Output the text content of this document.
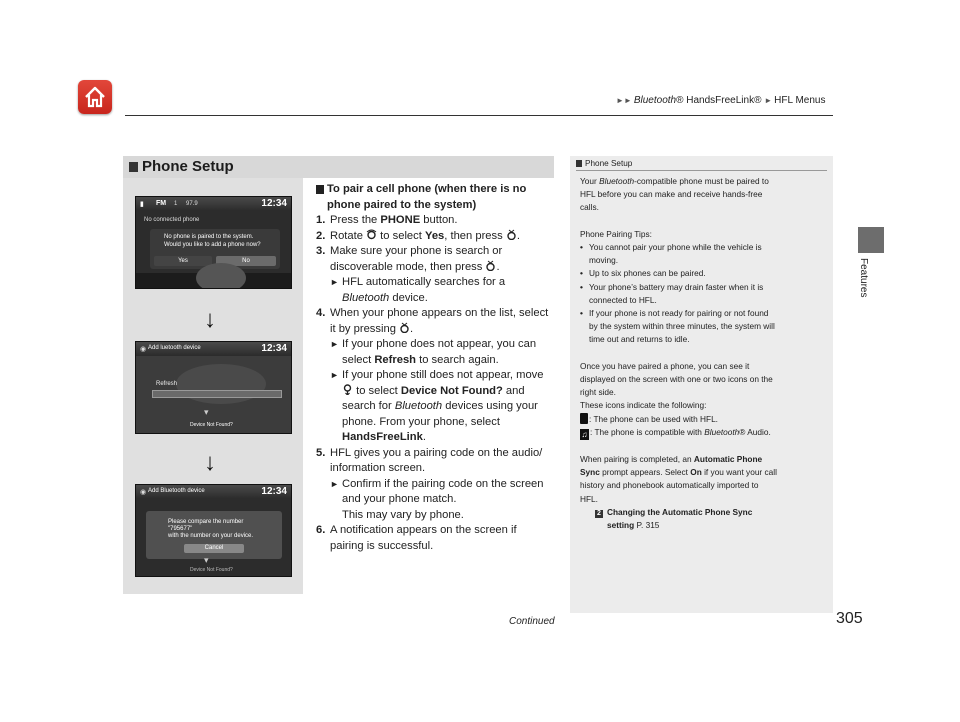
►► Bluetooth® HandsFreeLink® ► HFL Menus
Features
Phone Setup
▮ FM 1 97.9	12:34
No connected phone
No phone is paired to the system.
Would you like to add a phone now?
Yes	No
↓
◉ Add luetooth device	12:34
Refresh
▾
Device Not Found?
↓
◉ Add Bluetooth device	12:34
Please compare the number
"795677"
with the number on your device.
Cancel
▾
Device Not Found?

To pair a cell phone (when there is no
phone paired to the system)

1. Press the PHONE button.

2. Rotate  to select Yes, then press .

3. Make sure your phone is search or
discoverable mode, then press .

► HFL automatically searches for a
Bluetooth device.

4. When your phone appears on the list, select
it by pressing .

► If your phone does not appear, you can
select Refresh to search again.

► If your phone still does not appear, move
to select Device Not Found? and
search for Bluetooth devices using your
phone. From your phone, select
HandsFreeLink.

5. HFL gives you a pairing code on the audio/
information screen.

► Confirm if the pairing code on the screen
and your phone match.
This may vary by phone.

6. A notification appears on the screen if
pairing is successful.

Phone Setup

Your Bluetooth-compatible phone must be paired to
HFL before you can make and receive hands-free
calls.

Phone Pairing Tips:

• You cannot pair your phone while the vehicle is
moving.

• Up to six phones can be paired.

• Your phone’s battery may drain faster when it is
connected to HFL.

• If your phone is not ready for pairing or not found
by the system within three minutes, the system will
time out and returns to idle.

Once you have paired a phone, you can see it
displayed on the screen with one or two icons on the
right side.
These icons indicate the following:

: The phone can be used with HFL.

♫ : The phone is compatible with Bluetooth® Audio.

When pairing is completed, an Automatic Phone
Sync prompt appears. Select On if you want your call
history and phonebook automatically imported to
HFL.

2 Changing the Automatic Phone Sync
setting P. 315

Continued	305
